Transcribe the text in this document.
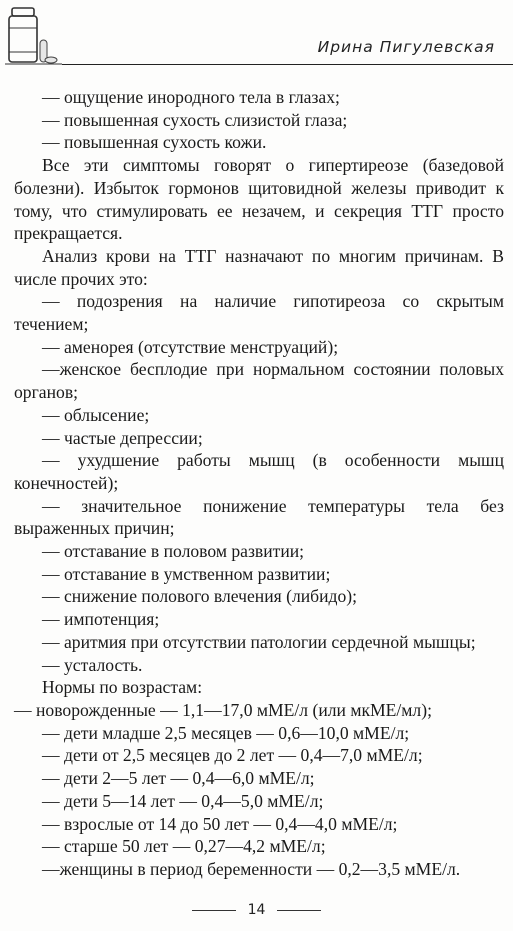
Ирина Пигулевская

— ощущение инородного тела в глазах;

— повышенная сухость слизистой глаза;

— повышенная сухость кожи.

Все эти симптомы говорят о гипертиреозе (базедовой болезни). Избыток гормонов щитовидной железы приводит к тому, что стимулировать ее незачем, и секреция ТТГ просто прекращается.

Анализ крови на ТТГ назначают по многим причинам. В числе прочих это:

— подозрения на наличие гипотиреоза со скрытым течением;

— аменорея (отсутствие менструаций);

—женское бесплодие при нормальном состоянии половых органов;

— облысение;

— частые депрессии;

— ухудшение работы мышц (в особенности мышц конечностей);

— значительное понижение температуры тела без выраженных причин;

— отставание в половом развитии;

— отставание в умственном развитии;

— снижение полового влечения (либидо);

— импотенция;

— аритмия при отсутствии патологии сердечной мышцы;

— усталость.

Нормы по возрастам:

— новорожденные — 1,1—17,0 мМЕ/л (или мкМЕ/мл);

— дети младше 2,5 месяцев — 0,6—10,0 мМЕ/л;

— дети от 2,5 месяцев до 2 лет — 0,4—7,0 мМЕ/л;

— дети 2—5 лет — 0,4—6,0 мМЕ/л;

— дети 5—14 лет — 0,4—5,0 мМЕ/л;

— взрослые от 14 до 50 лет — 0,4—4,0 мМЕ/л;

— старше 50 лет — 0,27—4,2 мМЕ/л;

—женщины в период беременности — 0,2—3,5 мМЕ/л.

14
